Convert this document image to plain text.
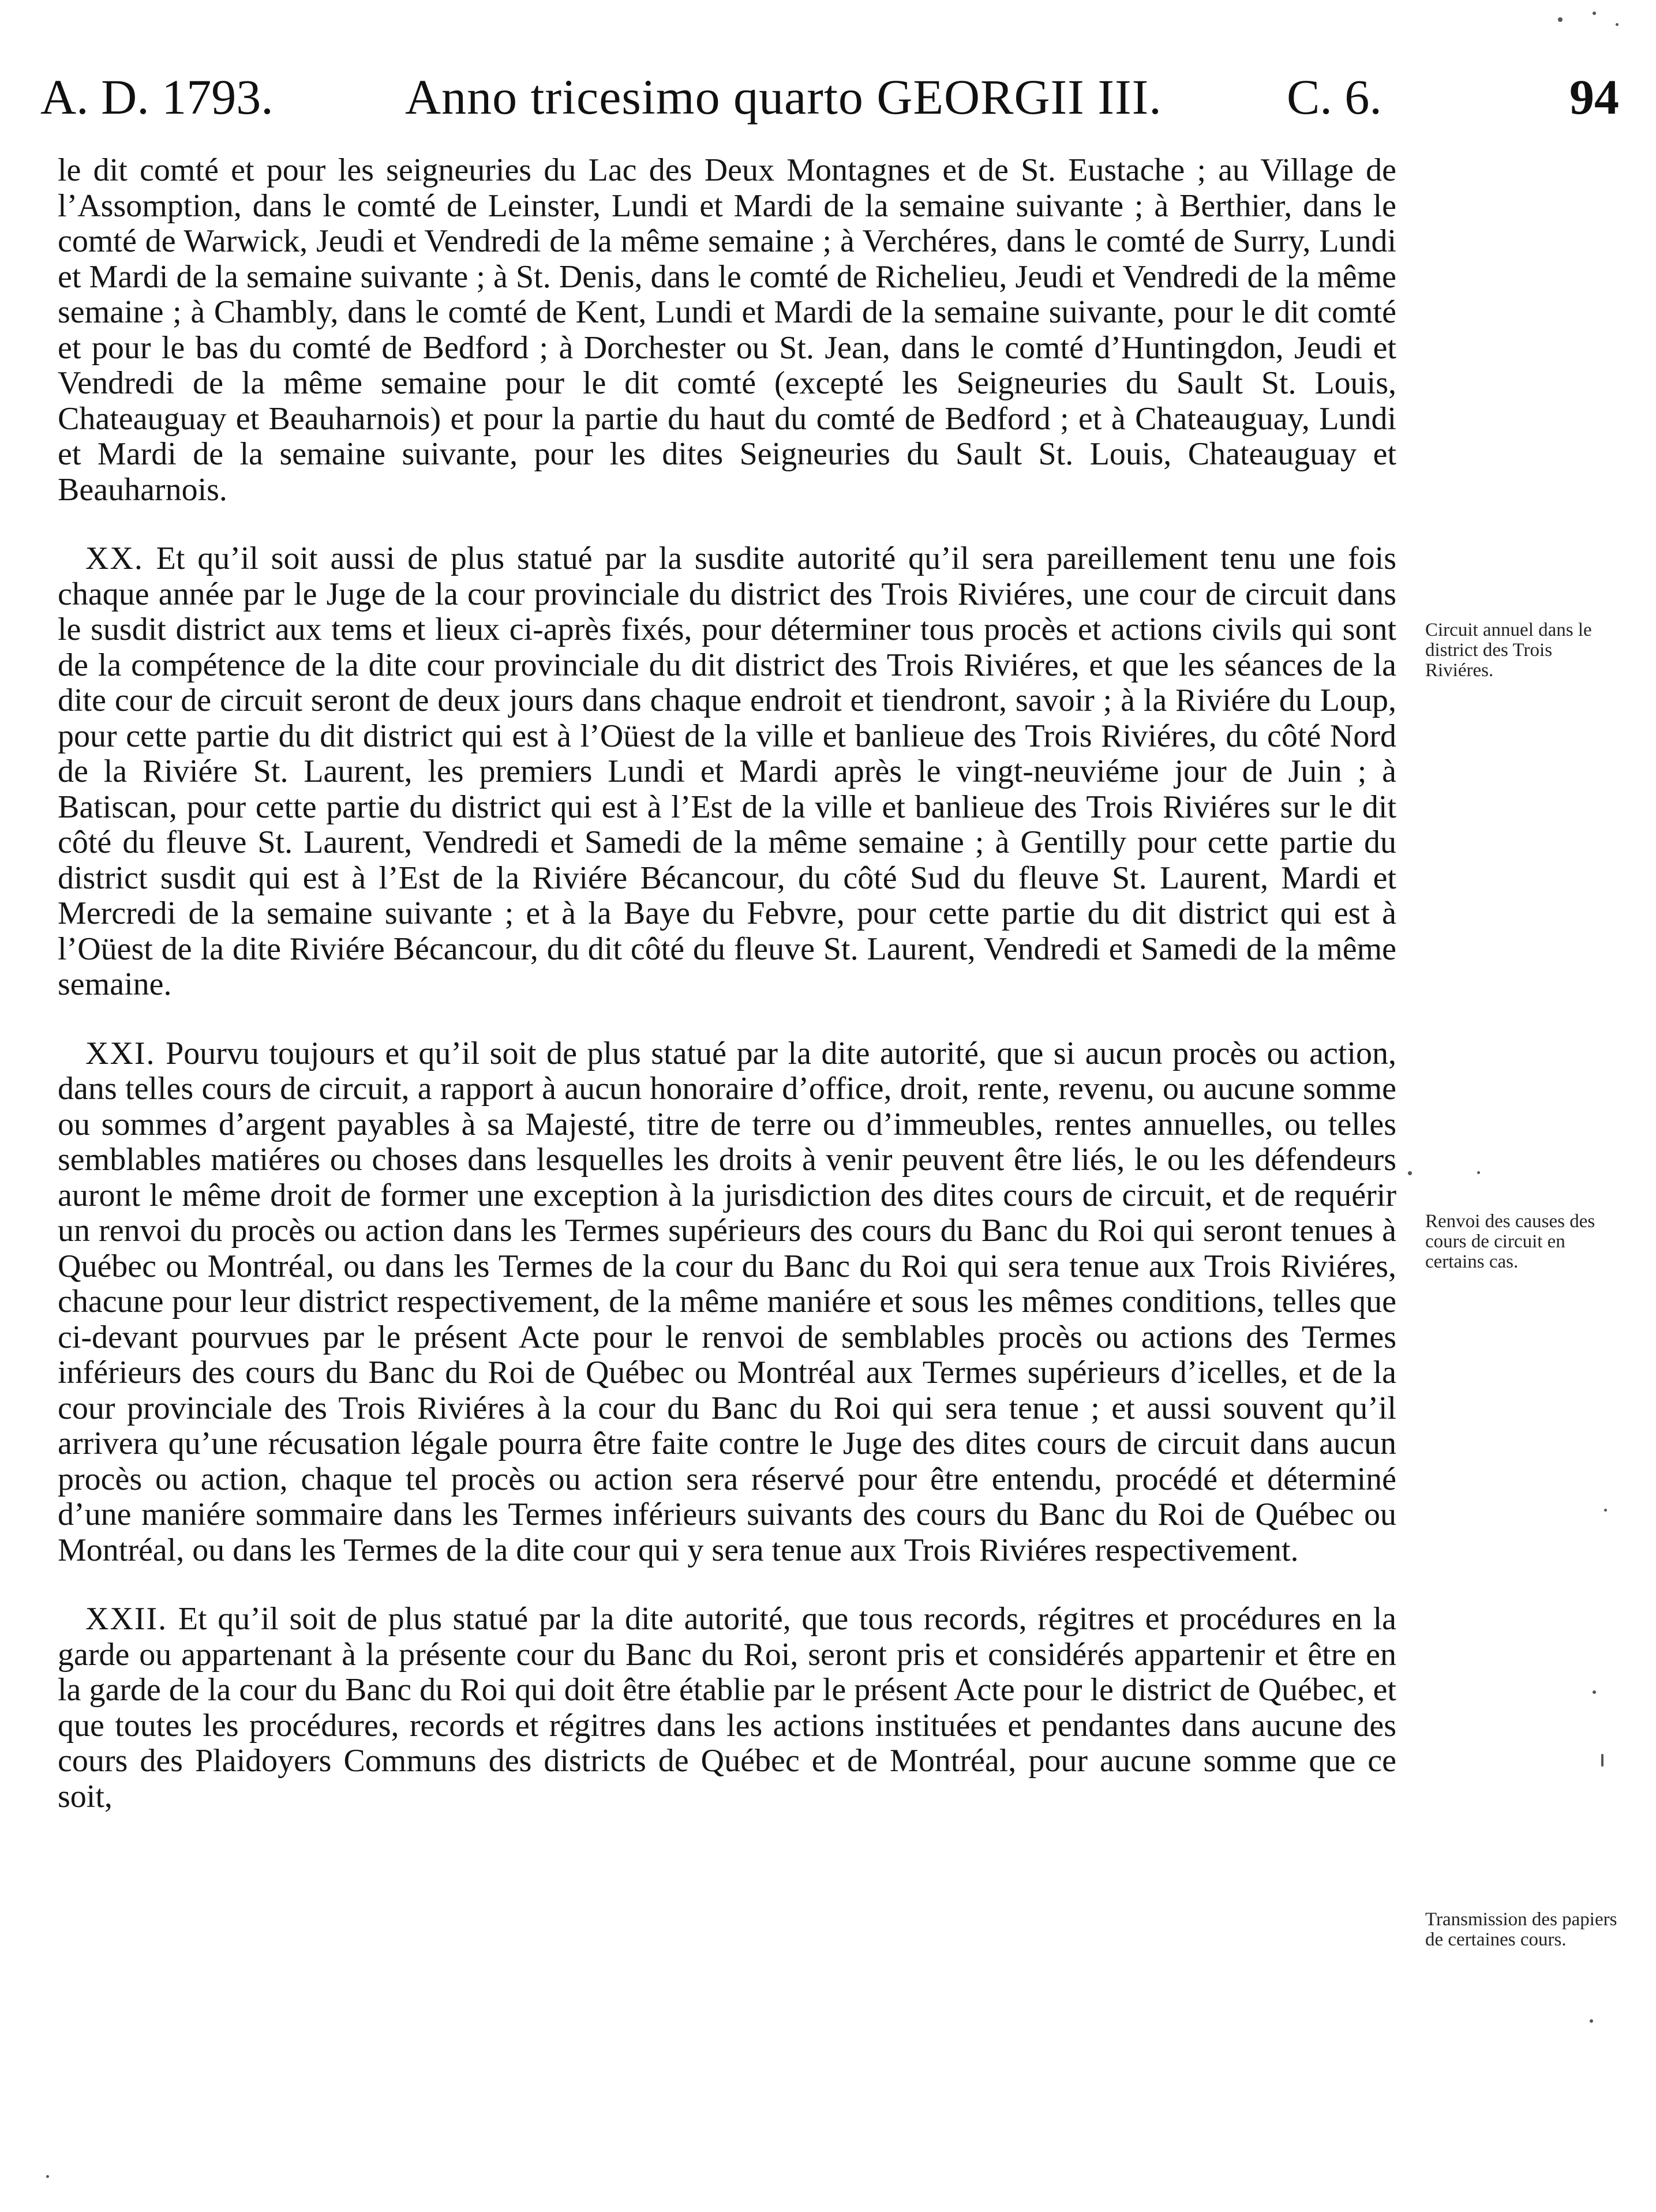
A. D. 1793.	Anno tricesimo quarto GEORGII III.	C. 6.	94

le dit comté et pour les seigneuries du Lac des Deux Montagnes et de St. Eustache ; au Village de l’Assomption, dans le comté de Leinster, Lundi et Mardi de la semaine suivante ; à Berthier, dans le comté de Warwick, Jeudi et Vendredi de la même semaine ; à Verchéres, dans le comté de Surry, Lundi et Mardi de la semaine suivante ; à St. Denis, dans le comté de Richelieu, Jeudi et Vendredi de la même semaine ; à Chambly, dans le comté de Kent, Lundi et Mardi de la semaine suivante, pour le dit comté et pour le bas du comté de Bedford ; à Dorchester ou St. Jean, dans le comté d’Huntingdon, Jeudi et Vendredi de la même semaine pour le dit comté (excepté les Seigneuries du Sault St. Louis, Chateauguay et Beauharnois) et pour la partie du haut du comté de Bedford ; et à Chateauguay, Lundi et Mardi de la semaine suivante, pour les dites Seigneuries du Sault St. Louis, Chateauguay et Beauharnois.

XX. Et qu’il soit aussi de plus statué par la susdite autorité qu’il sera pareillement tenu une fois chaque année par le Juge de la cour provinciale du district des Trois Riviéres, une cour de circuit dans le susdit district aux tems et lieux ci-après fixés, pour déterminer tous procès et actions civils qui sont de la compétence de la dite cour provinciale du dit district des Trois Riviéres, et que les séances de la dite cour de circuit seront de deux jours dans chaque endroit et tiendront, savoir ; à la Riviére du Loup, pour cette partie du dit district qui est à l’Oüest de la ville et banlieue des Trois Riviéres, du côté Nord de la Riviére St. Laurent, les premiers Lundi et Mardi après le vingt-neuviéme jour de Juin ; à Batiscan, pour cette partie du district qui est à l’Est de la ville et banlieue des Trois Riviéres sur le dit côté du fleuve St. Laurent, Vendredi et Samedi de la même semaine ; à Gentilly pour cette partie du district susdit qui est à l’Est de la Riviére Bécancour, du côté Sud du fleuve St. Laurent, Mardi et Mercredi de la semaine suivante ; et à la Baye du Febvre, pour cette partie du dit district qui est à l’Oüest de la dite Riviére Bécancour, du dit côté du fleuve St. Laurent, Vendredi et Samedi de la même semaine.

XXI. Pourvu toujours et qu’il soit de plus statué par la dite autorité, que si aucun procès ou action, dans telles cours de circuit, a rapport à aucun honoraire d’office, droit, rente, revenu, ou aucune somme ou sommes d’argent payables à sa Majesté, titre de terre ou d’immeubles, rentes annuelles, ou telles semblables matiéres ou choses dans lesquelles les droits à venir peuvent être liés, le ou les défendeurs auront le même droit de former une exception à la jurisdiction des dites cours de circuit, et de requérir un renvoi du procès ou action dans les Termes supérieurs des cours du Banc du Roi qui seront tenues à Québec ou Montréal, ou dans les Termes de la cour du Banc du Roi qui sera tenue aux Trois Riviéres, chacune pour leur district respectivement, de la même maniére et sous les mêmes conditions, telles que ci-devant pourvues par le présent Acte pour le renvoi de semblables procès ou actions des Termes inférieurs des cours du Banc du Roi de Québec ou Montréal aux Termes supérieurs d’icelles, et de la cour provinciale des Trois Riviéres à la cour du Banc du Roi qui sera tenue ; et aussi souvent qu’il arrivera qu’une récusation légale pourra être faite contre le Juge des dites cours de circuit dans aucun procès ou action, chaque tel procès ou action sera réservé pour être entendu, procédé et déterminé d’une maniére sommaire dans les Termes inférieurs suivants des cours du Banc du Roi de Québec ou Montréal, ou dans les Termes de la dite cour qui y sera tenue aux Trois Riviéres respectivement.

XXII. Et qu’il soit de plus statué par la dite autorité, que tous records, régitres et procédures en la garde ou appartenant à la présente cour du Banc du Roi, seront pris et considérés appartenir et être en la garde de la cour du Banc du Roi qui doit être établie par le présent Acte pour le district de Québec, et que toutes les procédures, records et régitres dans les actions instituées et pendantes dans aucune des cours des Plaidoyers Communs des districts de Québec et de Montréal, pour aucune somme que ce soit,

Circuit annuel dans le district des Trois Riviéres.
Renvoi des causes des cours de circuit en certains cas.
Transmission des papiers de certaines cours.
